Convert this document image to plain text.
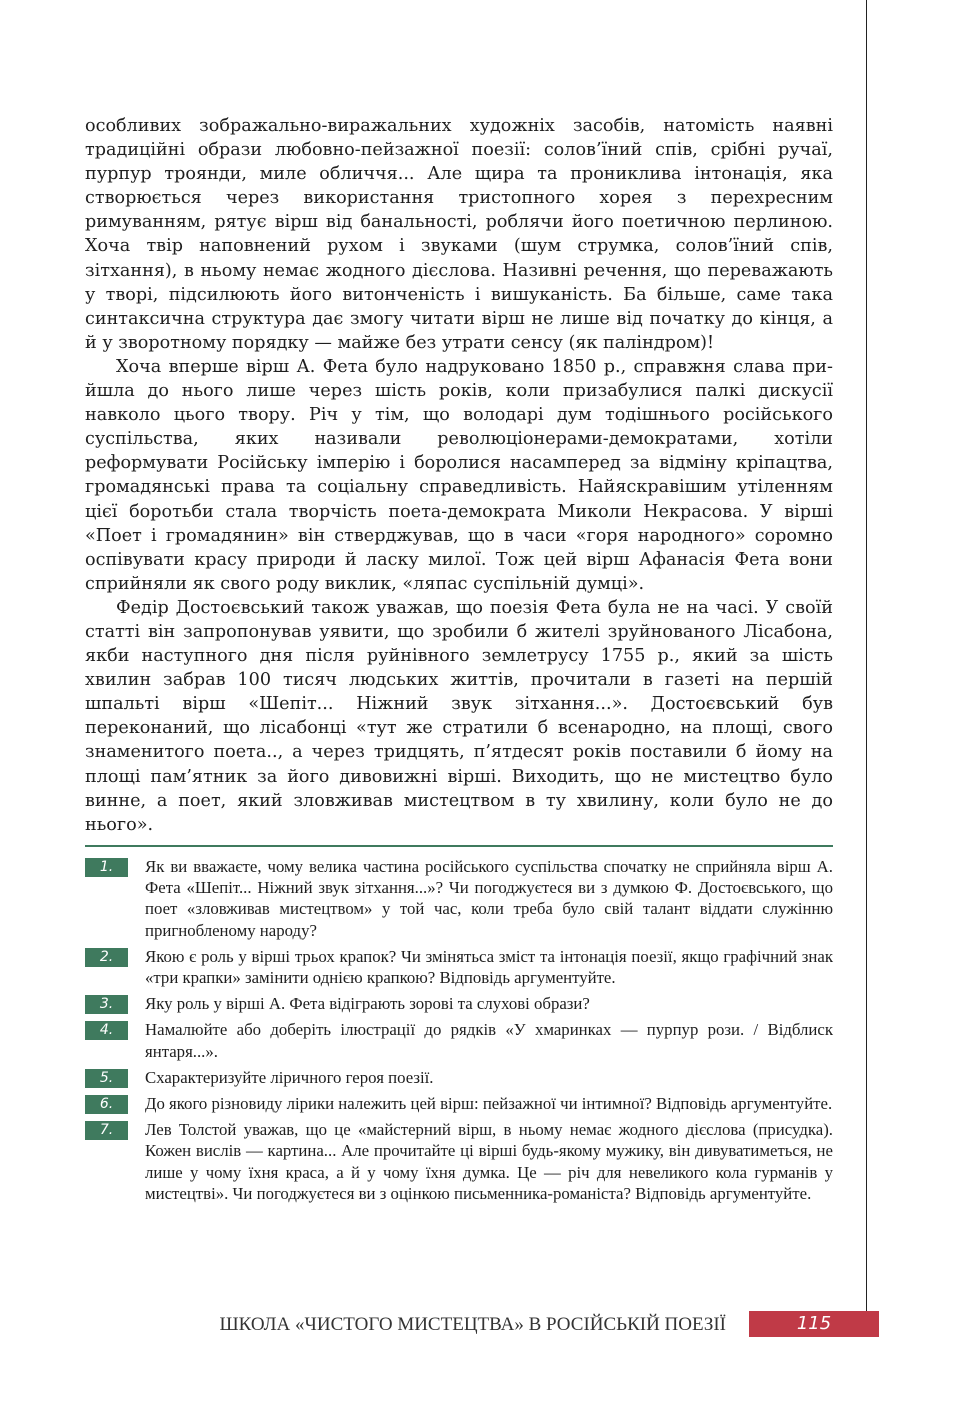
особливих зображально-виражальних художніх засобів, натомість наявні традиційні образи любовно-пейзажної поезії: солов’їний спів, срібні ручаї, пурпур троянди, миле обличчя... Але щира та прониклива інтонація, яка створюється через використання тристопного хорея з перехресним римуванням, рятує вірш від банальності, роблячи його поетичною перлиною. Хоча твір наповнений рухом і звуками (шум струмка, солов’їний спів, зітхання), в ньому немає жодного дієслова. Називні речення, що переважають у творі, підсилюють його витонченість і вишуканість. Ба більше, саме така синтаксична структура дає змогу читати вірш не лише від початку до кінця, а й у зворотному порядку — майже без утрати сенсу (як паліндром)!

Хоча вперше вірш А. Фета було надруковано 1850 р., справжня слава прийшла до нього лише через шість років, коли призабулися палкі дискусії навколо цього твору. Річ у тім, що володарі дум тодішнього російського суспільства, яких називали революціонерами-демократами, хотіли реформувати Російську імперію і боролися насамперед за відміну кріпацтва, громадянські права та соціальну справедливість. Найяскравішим утіленням цієї боротьби стала творчість поета-демократа Миколи Некрасова. У вірші «Поет і громадянин» він стверджував, що в часи «горя народного» соромно оспівувати красу природи й ласку милої. Тож цей вірш Афанасія Фета вони сприйняли як свого роду виклик, «ляпас суспільній думці».

Федір Достоєвський також уважав, що поезія Фета була не на часі. У своїй статті він запропонував уявити, що зробили б жителі зруйнованого Лісабона, якби наступного дня після руйнівного землетрусу 1755 р., який за шість хвилин забрав 100 тисяч людських життів, прочитали в газеті на першій шпальті вірш «Шепіт... Ніжний звук зітхання...». Достоєвський був переконаний, що лісабонці «тут же стратили б всенародно, на площі, свого знаменитого поета.., а через тридцять, п’ятдесят років поставили б йому на площі пам’ятник за його дивовижні вірші. Виходить, що не мистецтво було винне, а поет, який зловживав мистецтвом в ту хвилину, коли було не до нього».

1.	Як ви вважаєте, чому велика частина російського суспільства спочатку не сприйняла вірш А. Фета «Шепіт... Ніжний звук зітхання...»? Чи погоджуєтеся ви з думкою Ф. Достоєвського, що поет «зловживав мистецтвом» у той час, коли треба було свій талант віддати служінню пригнобленому народу?
2.	Якою є роль у вірші трьох крапок? Чи змінятьса зміст та інтонація поезії, якщо графічний знак «три крапки» замінити однією крапкою? Відповідь аргументуйте.
3.	Яку роль у вірші А. Фета відіграють зорові та слухові образи?
4.	Намалюйте або доберіть ілюстрації до рядків «У хмаринках — пурпур рози. / Відблиск янтаря...».
5.	Схарактеризуйте ліричного героя поезії.
6.	До якого різновиду лірики належить цей вірш: пейзажної чи інтимної? Відповідь аргументуйте.
7.	Лев Толстой уважав, що це «майстерний вірш, в ньому немає жодного дієслова (присудка). Кожен вислів — картина... Але прочитайте ці вірші будь-якому мужику, він дивуватиметься, не лише у чому їхня краса, а й у чому їхня думка. Це — річ для невеликого кола гурманів у мистецтві». Чи погоджуєтеся ви з оцінкою письменника-романіста? Відповідь аргументуйте.
ШКОЛА «ЧИСТОГО МИСТЕЦТВА» В РОСІЙСЬКІЙ ПОЕЗІЇ	115
